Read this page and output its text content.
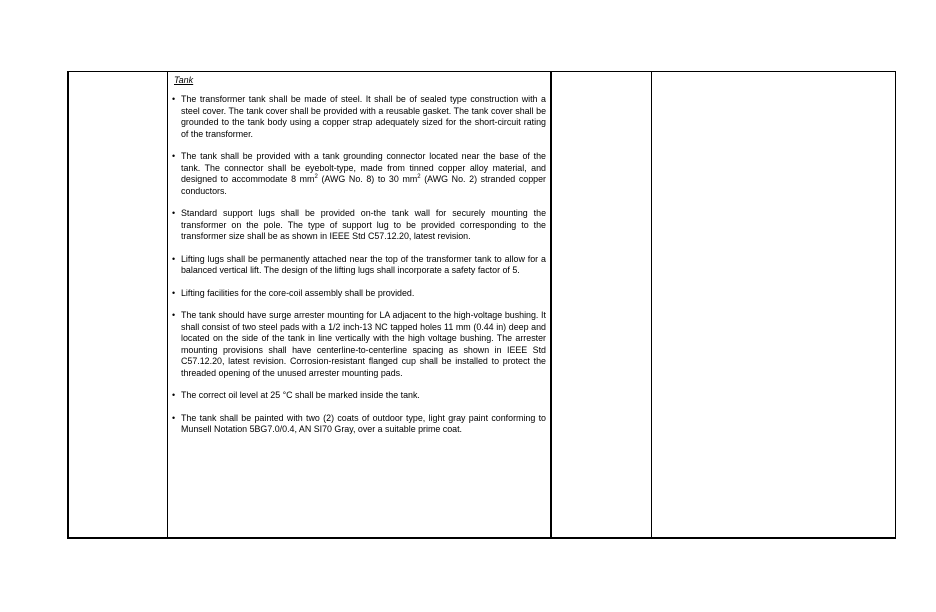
Tank
• The transformer tank shall be made of steel. It shall be of sealed type construction with a steel cover. The tank cover shall be provided with a reusable gasket. The tank cover shall be grounded to the tank body using a copper strap adequately sized for the short-circuit rating of the transformer.
• The tank shall be provided with a tank grounding connector located near the base of the tank. The connector shall be eyebolt-type, made from tinned copper alloy material, and designed to accommodate 8 $mm^2$ (AWG No. 8) to 30 $mm^2$ (AWG No. 2) stranded copper conductors.
• Standard support lugs shall be provided on-the tank wall for securely mounting the transformer on the pole. The type of support lug to be provided corresponding to the transformer size shall be as shown in IEEE Std C57.12.20, latest revision.
• Lifting lugs shall be permanently attached near the top of the transformer tank to allow for a balanced vertical lift. The design of the lifting lugs shall incorporate a safety factor of 5.
• Lifting facilities for the core-coil assembly shall be provided.
• The tank should have surge arrester mounting for LA adjacent to the high-voltage bushing. It shall consist of two steel pads with a 1/2 inch-13 NC tapped holes 11 mm (0.44 in) deep and located on the side of the tank in line vertically with the high voltage bushing. The arrester mounting provisions shall have centerline-to-centerline spacing as shown in IEEE Std C57.12.20, latest revision. Corrosion-resistant flanged cup shall be installed to protect the threaded opening of the unused arrester mounting pads.
• The correct oil level at 25 °C shall be marked inside the tank.
• The tank shall be painted with two (2) coats of outdoor type, light gray paint conforming to Munsell Notation 5BG7.0/0.4, AN SI70 Gray, over a suitable prime coat.
